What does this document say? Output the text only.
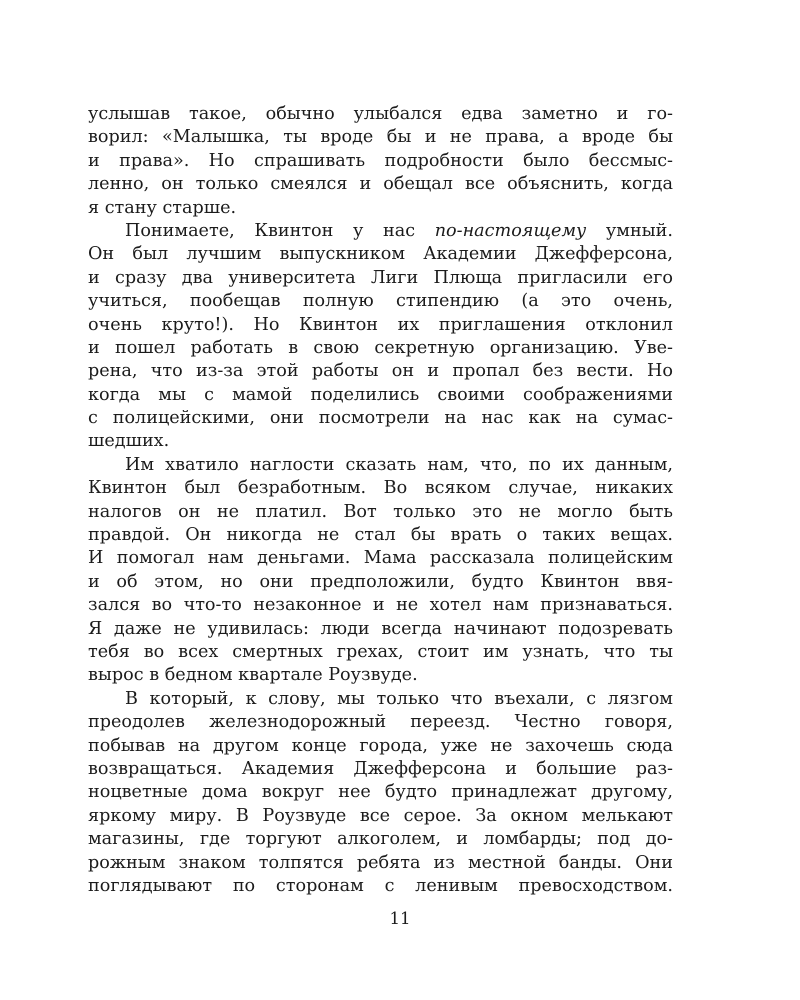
услышав такое, обычно улыбался едва заметно и го-
ворил: «Малышка, ты вроде бы и не права, а вроде бы
и права». Но спрашивать подробности было бессмыс-
ленно, он только смеялся и обещал все объяснить, когда
я стану старше.
Понимаете, Квинтон у нас по-настоящему умный.
Он был лучшим выпускником Академии Джефферсона,
и сразу два университета Лиги Плюща пригласили его
учиться, пообещав полную стипендию (а это очень,
очень круто!). Но Квинтон их приглашения отклонил
и пошел работать в свою секретную организацию. Уве-
рена, что из-за этой работы он и пропал без вести. Но
когда мы с мамой поделились своими соображениями
с полицейскими, они посмотрели на нас как на сумас-
шедших.
Им хватило наглости сказать нам, что, по их данным,
Квинтон был безработным. Во всяком случае, никаких
налогов он не платил. Вот только это не могло быть
правдой. Он никогда не стал бы врать о таких вещах.
И помогал нам деньгами. Мама рассказала полицейским
и об этом, но они предположили, будто Квинтон ввя-
зался во что-то незаконное и не хотел нам признаваться.
Я даже не удивилась: люди всегда начинают подозревать
тебя во всех смертных грехах, стоит им узнать, что ты
вырос в бедном квартале Роузвуде.
В который, к слову, мы только что въехали, с лязгом
преодолев железнодорожный переезд. Честно говоря,
побывав на другом конце города, уже не захочешь сюда
возвращаться. Академия Джефферсона и большие раз-
ноцветные дома вокруг нее будто принадлежат другому,
яркому миру. В Роузвуде все серое. За окном мелькают
магазины, где торгуют алкоголем, и ломбарды; под до-
рожным знаком толпятся ребята из местной банды. Они
поглядывают по сторонам с ленивым превосходством.
11
